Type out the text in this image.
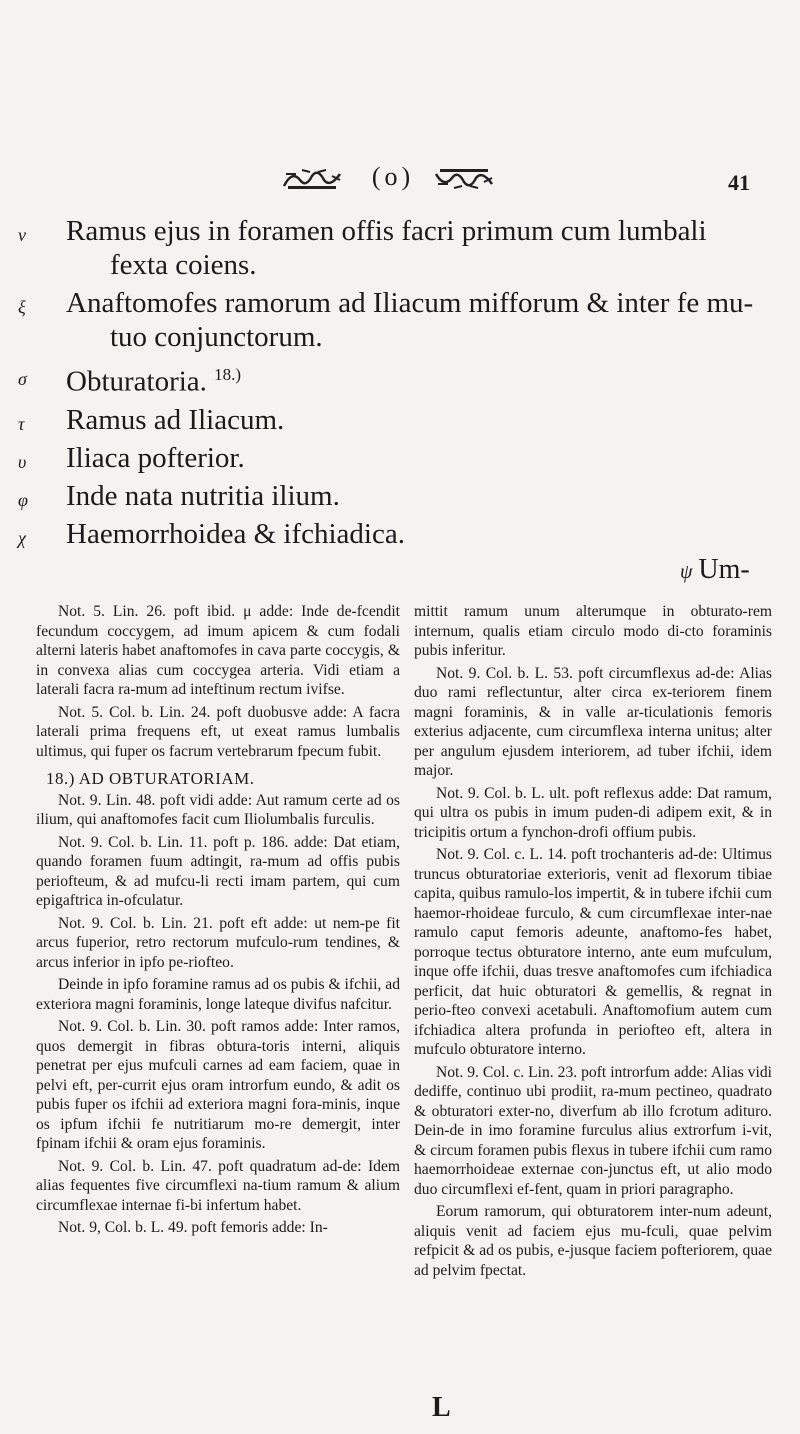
(o)	41
ν Ramus ejus in foramen offis facri primum cum lumbali
fexta coiens.
ξ Anaftomofes ramorum ad Iliacum mifforum & inter fe mu-
tuo conjunctorum.
σ Obturatoria. $^{18.)}$
τ Ramus ad Iliacum.
υ Iliaca pofterior.
φ Inde nata nutritia ilium.
χ Haemorrhoidea & ifchiadica.
ψ Um-

Not. 5. Lin. 26. poft ibid. μ adde: Inde de-fcendit fecundum coccygem, ad imum apicem & cum fodali alterni lateris habet anaftomofes in cava parte coccygis, & in convexa alias cum coccygea arteria. Vidi etiam a laterali facra ra-mum ad inteftinum rectum ivifse.

Not. 5. Col. b. Lin. 24. poft duobusve adde: A facra laterali prima frequens eft, ut exeat ramus lumbalis ultimus, qui fuper os facrum vertebrarum fpecum fubit.

18.) AD OBTURATORIAM.

Not. 9. Lin. 48. poft vidi adde: Aut ramum certe ad os ilium, qui anaftomofes facit cum Iliolumbalis furculis.

Not. 9. Col. b. Lin. 11. poft p. 186. adde: Dat etiam, quando foramen fuum adtingit, ra-mum ad offis pubis periofteum, & ad mufcu-li recti imam partem, qui cum epigaftrica in-ofculatur.

Not. 9. Col. b. Lin. 21. poft eft adde: ut nem-pe fit arcus fuperior, retro rectorum mufculo-rum tendines, & arcus inferior in ipfo pe-riofteo.

Deinde in ipfo foramine ramus ad os pubis & ifchii, ad exteriora magni foraminis, longe lateque divifus nafcitur.

Not. 9. Col. b. Lin. 30. poft ramos adde: Inter ramos, quos demergit in fibras obtura-toris interni, aliquis penetrat per ejus mufculi carnes ad eam faciem, quae in pelvi eft, per-currit ejus oram introrfum eundo, & adit os pubis fuper os ifchii ad exteriora magni fora-minis, inque os ipfum ifchii fe nutritiarum mo-re demergit, inter fpinam ifchii & oram ejus foraminis.

Not. 9. Col. b. Lin. 47. poft quadratum ad-de: Idem alias fequentes five circumflexi na-tium ramum & alium circumflexae internae fi-bi infertum habet.

Not. 9, Col. b. L. 49. poft femoris adde: In-

mittit ramum unum alterumque in obturato-rem internum, qualis etiam circulo modo di-cto foraminis pubis inferitur.

Not. 9. Col. b. L. 53. poft circumflexus ad-de: Alias duo rami reflectuntur, alter circa ex-teriorem finem magni foraminis, & in valle ar-ticulationis femoris exterius adjacente, cum circumflexa interna unitus; alter per angulum ejusdem interiorem, ad tuber ifchii, idem major.

Not. 9. Col. b. L. ult. poft reflexus adde: Dat ramum, qui ultra os pubis in imum puden-di adipem exit, & in tricipitis ortum a fynchon-drofi offium pubis.

Not. 9. Col. c. L. 14. poft trochanteris ad-de: Ultimus truncus obturatoriae exterioris, venit ad flexorum tibiae capita, quibus ramulo-los impertit, & in tubere ifchii cum haemor-rhoideae furculo, & cum circumflexae inter-nae ramulo caput femoris adeunte, anaftomo-fes habet, porroque tectus obturatore interno, ante eum mufculum, inque offe ifchii, duas tresve anaftomofes cum ifchiadica perficit, dat huic obturatori & gemellis, & regnat in perio-fteo convexi acetabuli. Anaftomofium autem cum ifchiadica altera profunda in periofteo eft, altera in mufculo obturatore interno.

Not. 9. Col. c. Lin. 23. poft introrfum adde: Alias vidi dediffe, continuo ubi prodiit, ra-mum pectineo, quadrato & obturatori exter-no, diverfum ab illo fcrotum adituro. Dein-de in imo foramine furculus alius extrorfum i-vit, & circum foramen pubis flexus in tubere ifchii cum ramo haemorrhoideae externae con-junctus eft, ut alio modo duo circumflexi ef-fent, quam in priori paragrapho.

Eorum ramorum, qui obturatorem inter-num adeunt, aliquis venit ad faciem ejus mu-fculi, quae pelvim refpicit & ad os pubis, e-jusque faciem pofteriorem, quae ad pelvim fpectat.

L
